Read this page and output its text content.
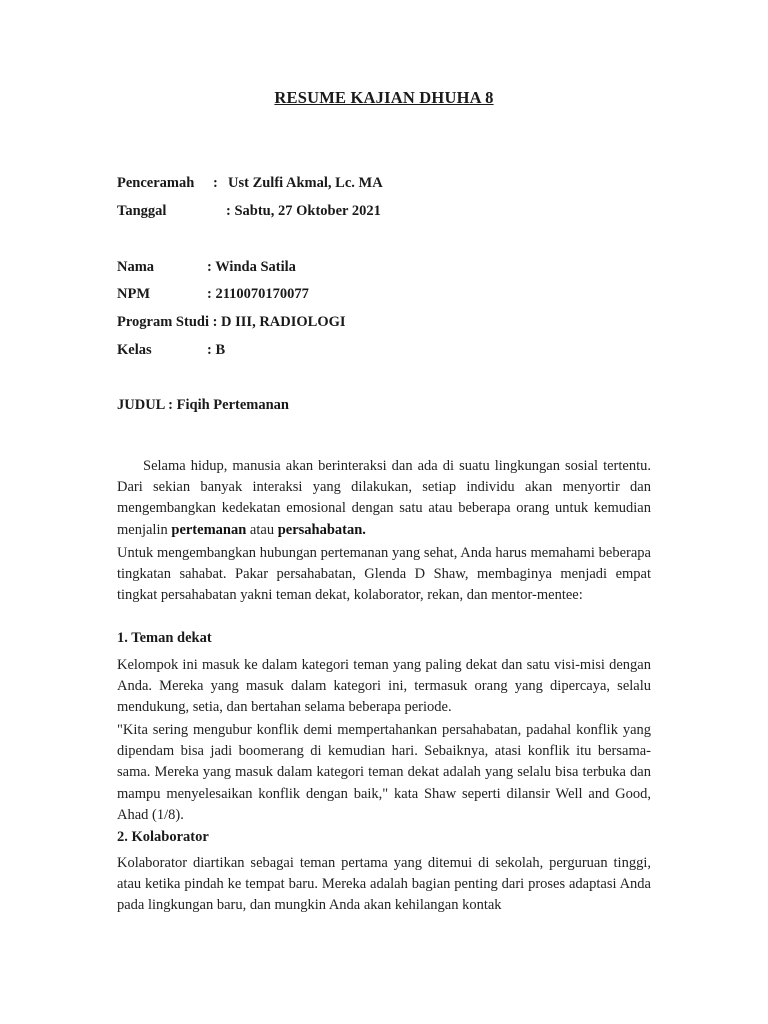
RESUME KAJIAN DHUHA 8
Penceramah : Ust Zulfi Akmal, Lc. MA
Tanggal	: Sabtu, 27 Oktober 2021
Nama	: Winda Satila
NPM	: 2110070170077
Program Studi : D III, RADIOLOGI
Kelas	: B
JUDUL : Fiqih Pertemanan
Selama hidup, manusia akan berinteraksi dan ada di suatu lingkungan sosial tertentu. Dari sekian banyak interaksi yang dilakukan, setiap individu akan menyortir dan mengembangkan kedekatan emosional dengan satu atau beberapa orang untuk kemudian menjalin pertemanan atau persahabatan.
Untuk mengembangkan hubungan pertemanan yang sehat, Anda harus memahami beberapa tingkatan sahabat. Pakar persahabatan, Glenda D Shaw, membaginya menjadi empat tingkat persahabatan yakni teman dekat, kolaborator, rekan, dan mentor-mentee:
1. Teman dekat
Kelompok ini masuk ke dalam kategori teman yang paling dekat dan satu visi-misi dengan Anda. Mereka yang masuk dalam kategori ini, termasuk orang yang dipercaya, selalu mendukung, setia, dan bertahan selama beberapa periode.
"Kita sering mengubur konflik demi mempertahankan persahabatan, padahal konflik yang dipendam bisa jadi boomerang di kemudian hari. Sebaiknya, atasi konflik itu bersama-sama. Mereka yang masuk dalam kategori teman dekat adalah yang selalu bisa terbuka dan mampu menyelesaikan konflik dengan baik," kata Shaw seperti dilansir Well and Good, Ahad (1/8).
2. Kolaborator
Kolaborator diartikan sebagai teman pertama yang ditemui di sekolah, perguruan tinggi, atau ketika pindah ke tempat baru. Mereka adalah bagian penting dari proses adaptasi Anda pada lingkungan baru, dan mungkin Anda akan kehilangan kontak
